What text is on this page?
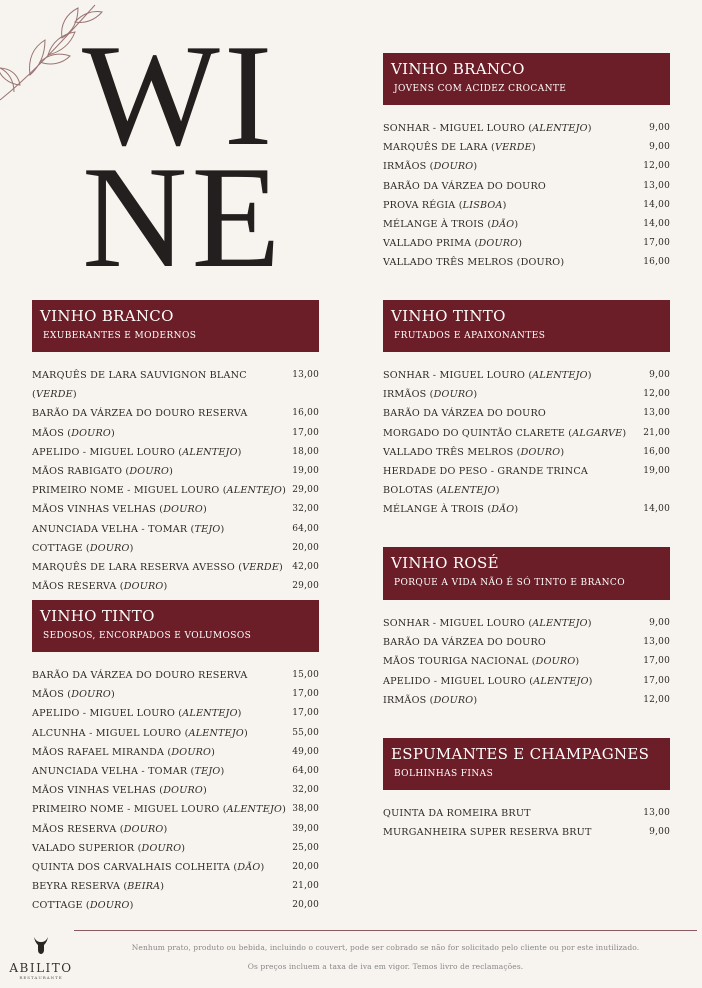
WI
NE
VINHO BRANCO
JOVENS COM ACIDEZ CROCANTE
SONHAR - MIGUEL LOURO (ALENTEJO)	9,00
MARQUÊS DE LARA (VERDE)	9,00
IRMÃOS (DOURO)	12,00
BARÃO DA VÁRZEA DO DOURO	13,00
PROVA RÉGIA (LISBOA)	14,00
MÉLANGE À TROIS (DÃO)	14,00
VALLADO PRIMA (DOURO)	17,00
VALLADO TRÊS MELROS (DOURO)	16,00
VINHO BRANCO
EXUBERANTES E MODERNOS
MARQUÊS DE LARA SAUVIGNON BLANC (VERDE)
13,00
BARÃO DA VÁRZEA DO DOURO RESERVA	16,00
MÃOS (DOURO)	17,00
APELIDO - MIGUEL LOURO (ALENTEJO)	18,00
MÃOS RABIGATO (DOURO)	19,00
PRIMEIRO NOME - MIGUEL LOURO (ALENTEJO) 29,00
MÃOS VINHAS VELHAS (DOURO)	32,00
ANUNCIADA VELHA - TOMAR (TEJO)	64,00
COTTAGE (DOURO)	20,00
MARQUÊS DE LARA RESERVA AVESSO (VERDE)	42,00
MÃOS RESERVA (DOURO)	29,00
VINHO TINTO
FRUTADOS E APAIXONANTES
SONHAR - MIGUEL LOURO (ALENTEJO)	9,00
IRMÃOS (DOURO)	12,00
BARÃO DA VÁRZEA DO DOURO	13,00
MORGADO DO QUINTÃO CLARETE (ALGARVE)	21,00
VALLADO TRÊS MELROS (DOURO)	16,00
HERDADE DO PESO - GRANDE TRINCA BOLOTAS (ALENTEJO)
19,00
MÉLANGE À TROIS (DÃO)	14,00
VINHO ROSÉ
PORQUE A VIDA NÃO É SÓ TINTO E BRANCO
SONHAR - MIGUEL LOURO (ALENTEJO)	9,00
BARÃO DA VÁRZEA DO DOURO	13,00
MÃOS TOURIGA NACIONAL (DOURO)	17,00
APELIDO - MIGUEL LOURO (ALENTEJO)	17,00
IRMÃOS (DOURO)	12,00
VINHO TINTO
SEDOSOS, ENCORPADOS E VOLUMOSOS
BARÃO DA VÁRZEA DO DOURO RESERVA	15,00
MÃOS (DOURO)	17,00
APELIDO - MIGUEL LOURO (ALENTEJO)	17,00
ALCUNHA - MIGUEL LOURO (ALENTEJO)	55,00
MÃOS RAFAEL MIRANDA (DOURO)	49,00
ANUNCIADA VELHA - TOMAR (TEJO)	64,00
MÃOS VINHAS VELHAS (DOURO)	32,00
PRIMEIRO NOME - MIGUEL LOURO (ALENTEJO) 38,00
MÃOS RESERVA (DOURO)	39,00
VALADO SUPERIOR (DOURO)	25,00
QUINTA DOS CARVALHAIS COLHEITA (DÃO)	20,00
BEYRA RESERVA (BEIRA)	21,00
COTTAGE (DOURO)	20,00
ESPUMANTES E CHAMPAGNES
BOLHINHAS FINAS
QUINTA DA ROMEIRA BRUT	13,00
MURGANHEIRA SUPER RESERVA BRUT	9,00
Nenhum prato, produto ou bebida, incluindo o couvert, pode ser cobrado se não for solicitado pelo cliente ou por este inutilizado.
Os preços incluem a taxa de iva em vigor. Temos livro de reclamações.
ABILITO
RESTAURANTE
